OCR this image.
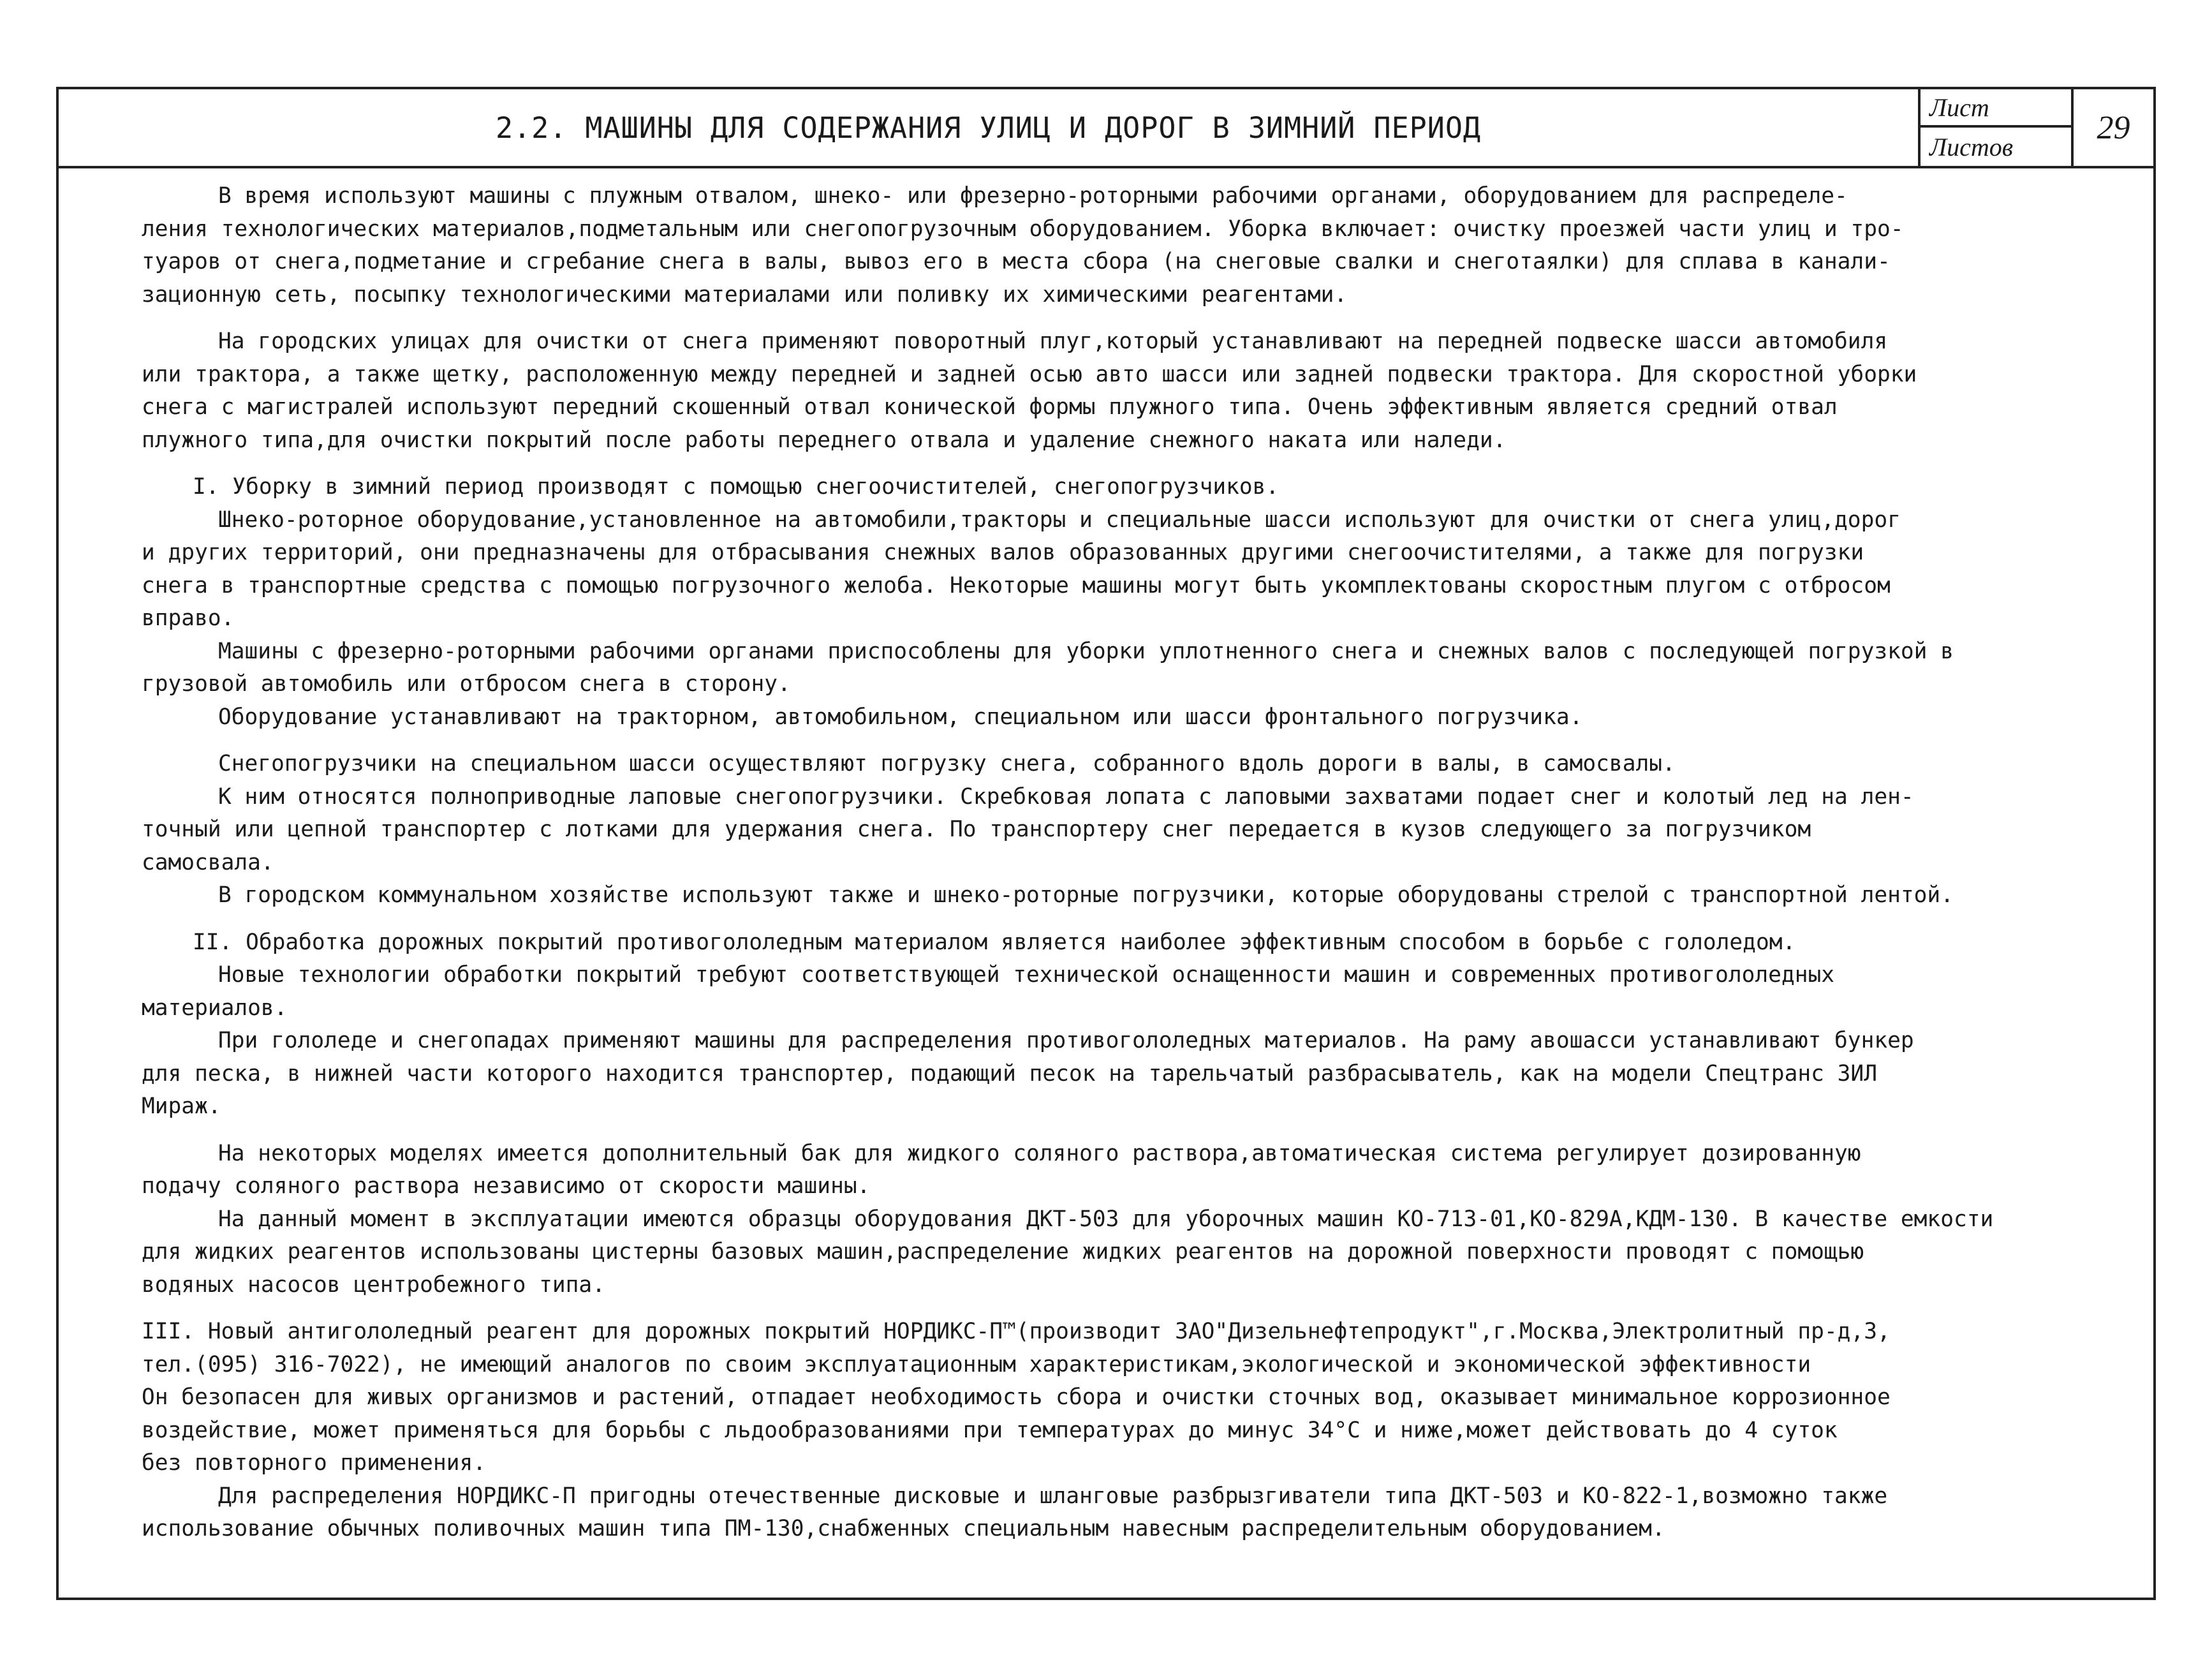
2.2. МАШИНЫ ДЛЯ СОДЕРЖАНИЯ УЛИЦ И ДОРОГ В ЗИМНИЙ ПЕРИОД
Лист
Листов
29

В время используют машины с плужным отвалом, шнеко- или фрезерно-роторными рабочими органами, оборудованием для распределе-
ления технологических материалов,подметальным или снегопогрузочным оборудованием. Уборка включает: очистку проезжей части улиц и тро-
туаров от снега,подметание и сгребание снега в валы, вывоз его в места сбора (на снеговые свалки и снеготаялки) для сплава в канали-
зационную сеть, посыпку технологическими материалами или поливку их химическими реагентами.

На городских улицах для очистки от снега применяют поворотный плуг,который устанавливают на передней подвеске шасси автомобиля
или трактора, а также щетку, расположенную между передней и задней осью авто шасси или задней подвески трактора. Для скоростной уборки
снега с магистралей используют передний скошенный отвал конической формы плужного типа. Очень эффективным является средний отвал
плужного типа,для очистки покрытий после работы переднего отвала и удаление снежного наката или наледи.

I. Уборку в зимний период производят с помощью снегоочистителей, снегопогрузчиков.

Шнеко-роторное оборудование,установленное на автомобили,тракторы и специальные шасси используют для очистки от снега улиц,дорог
и других территорий, они предназначены для отбрасывания снежных валов образованных другими снегоочистителями, а также для погрузки
снега в транспортные средства с помощью погрузочного желоба. Некоторые машины могут быть укомплектованы скоростным плугом с отбросом
вправо.

Машины с фрезерно-роторными рабочими органами приспособлены для уборки уплотненного снега и снежных валов с последующей погрузкой в
грузовой автомобиль или отбросом снега в сторону.

Оборудование устанавливают на тракторном, автомобильном, специальном или шасси фронтального погрузчика.

Снегопогрузчики на специальном шасси осуществляют погрузку снега, собранного вдоль дороги в валы, в самосвалы.

К ним относятся полноприводные лаповые снегопогрузчики. Скребковая лопата с лаповыми захватами подает снег и колотый лед на лен-
точный или цепной транспортер с лотками для удержания снега. По транспортеру снег передается в кузов следующего за погрузчиком
самосвала.

В городском коммунальном хозяйстве используют также и шнеко-роторные погрузчики, которые оборудованы стрелой с транспортной лентой.

II. Обработка дорожных покрытий противогололедным материалом является наиболее эффективным способом в борьбе с гололедом.

Новые технологии обработки покрытий требуют соответствующей технической оснащенности машин и современных противогололедных
материалов.

При гололеде и снегопадах применяют машины для распределения противогололедных материалов. На раму авошасси устанавливают бункер
для песка, в нижней части которого находится транспортер, подающий песок на тарельчатый разбрасыватель, как на модели Спецтранс ЗИЛ
Мираж.

На некоторых моделях имеется дополнительный бак для жидкого соляного раствора,автоматическая система регулирует дозированную
подачу соляного раствора независимо от скорости машины.

На данный момент в эксплуатации имеются образцы оборудования ДКТ-503 для уборочных машин КО-713-01,КО-829А,КДМ-130. В качестве емкости
для жидких реагентов использованы цистерны базовых машин,распределение жидких реагентов на дорожной поверхности проводят с помощью
водяных насосов центробежного типа.

III. Новый антигололедный реагент для дорожных покрытий НОРДИКС-П™(производит ЗАО"Дизельнефтепродукт",г.Москва,Электролитный пр-д,3,
тел.(095) 316-7022), не имеющий аналогов по своим эксплуатационным характеристикам,экологической и экономической эффективности
Он безопасен для живых организмов и растений, отпадает необходимость сбора и очистки сточных вод, оказывает минимальное коррозионное
воздействие, может применяться для борьбы с льдообразованиями при температурах до минус 34°С и ниже,может действовать до 4 суток
без повторного применения.

Для распределения НОРДИКС-П пригодны отечественные дисковые и шланговые разбрызгиватели типа ДКТ-503 и КО-822-1,возможно также
использование обычных поливочных машин типа ПМ-130,снабженных специальным навесным распределительным оборудованием.
